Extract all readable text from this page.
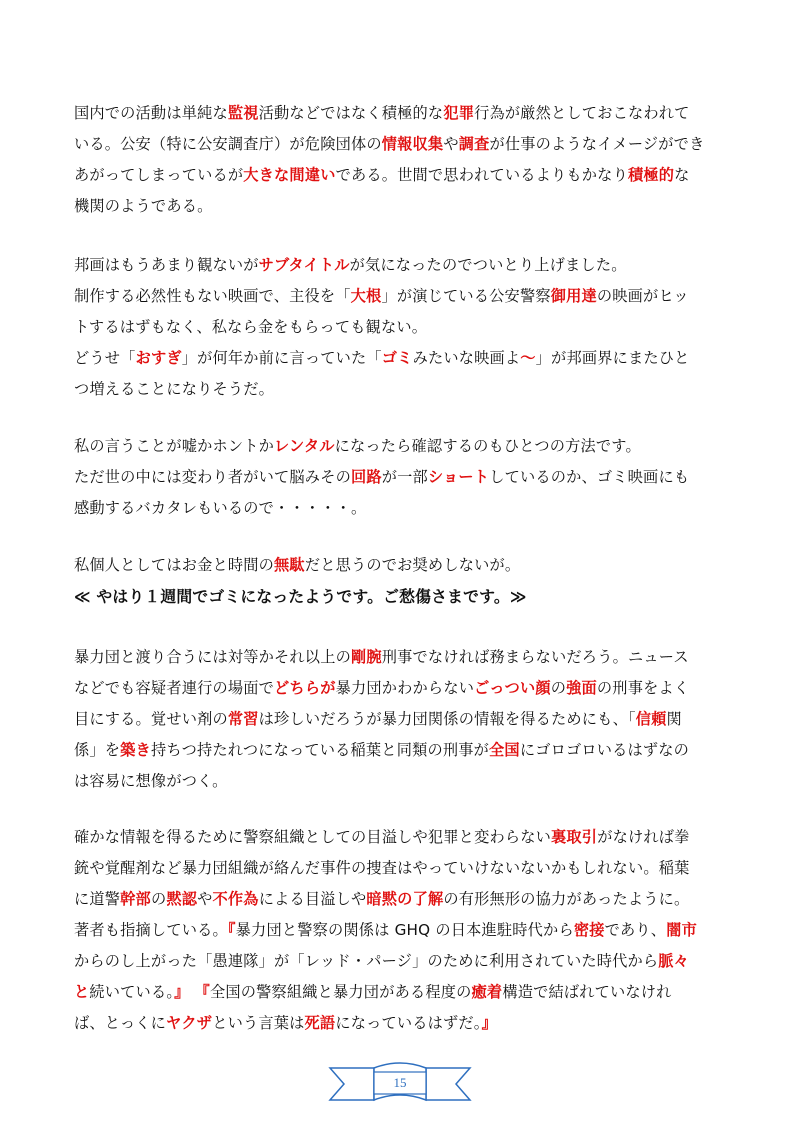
国内での活動は単純な監視活動などではなく積極的な犯罪行為が厳然としておこなわれて
いる。公安（特に公安調査庁）が危険団体の情報収集や調査が仕事のようなイメージができ
あがってしまっているが大きな間違いである。世間で思われているよりもかなり積極的な
機関のようである。
邦画はもうあまり観ないがサブタイトルが気になったのでついとり上げました。
制作する必然性もない映画で、主役を「大根」が演じている公安警察御用達の映画がヒッ
トするはずもなく、私なら金をもらっても観ない。
どうせ「おすぎ」が何年か前に言っていた「ゴミみたいな映画よ～」が邦画界にまたひと
つ増えることになりそうだ。
私の言うことが嘘かホントかレンタルになったら確認するのもひとつの方法です。
ただ世の中には変わり者がいて脳みその回路が一部ショートしているのか、ゴミ映画にも
感動するバカタレもいるので・・・・・。
私個人としてはお金と時間の無駄だと思うのでお奨めしないが。
≪ やはり１週間でゴミになったようです。ご愁傷さまです。≫
暴力団と渡り合うには対等かそれ以上の剛腕刑事でなければ務まらないだろう。ニュース
などでも容疑者連行の場面でどちらが暴力団かわからないごっつい顔の強面の刑事をよく
目にする。覚せい剤の常習は珍しいだろうが暴力団関係の情報を得るためにも、「信頼関
係」を築き持ちつ持たれつになっている稲葉と同類の刑事が全国にゴロゴロいるはずなの
は容易に想像がつく。
確かな情報を得るために警察組織としての目溢しや犯罪と変わらない裏取引がなければ拳
銃や覚醒剤など暴力団組織が絡んだ事件の捜査はやっていけないないかもしれない。稲葉
に道警幹部の黙認や不作為による目溢しや暗黙の了解の有形無形の協力があったように。
著者も指摘している。『暴力団と警察の関係は GHQ の日本進駐時代から密接であり、闇市
からのし上がった「愚連隊」が「レッド・パージ」のために利用されていた時代から脈々
と続いている。』 『全国の警察組織と暴力団がある程度の癒着構造で結ばれていなけれ
ば、とっくにヤクザという言葉は死語になっているはずだ。』
15
